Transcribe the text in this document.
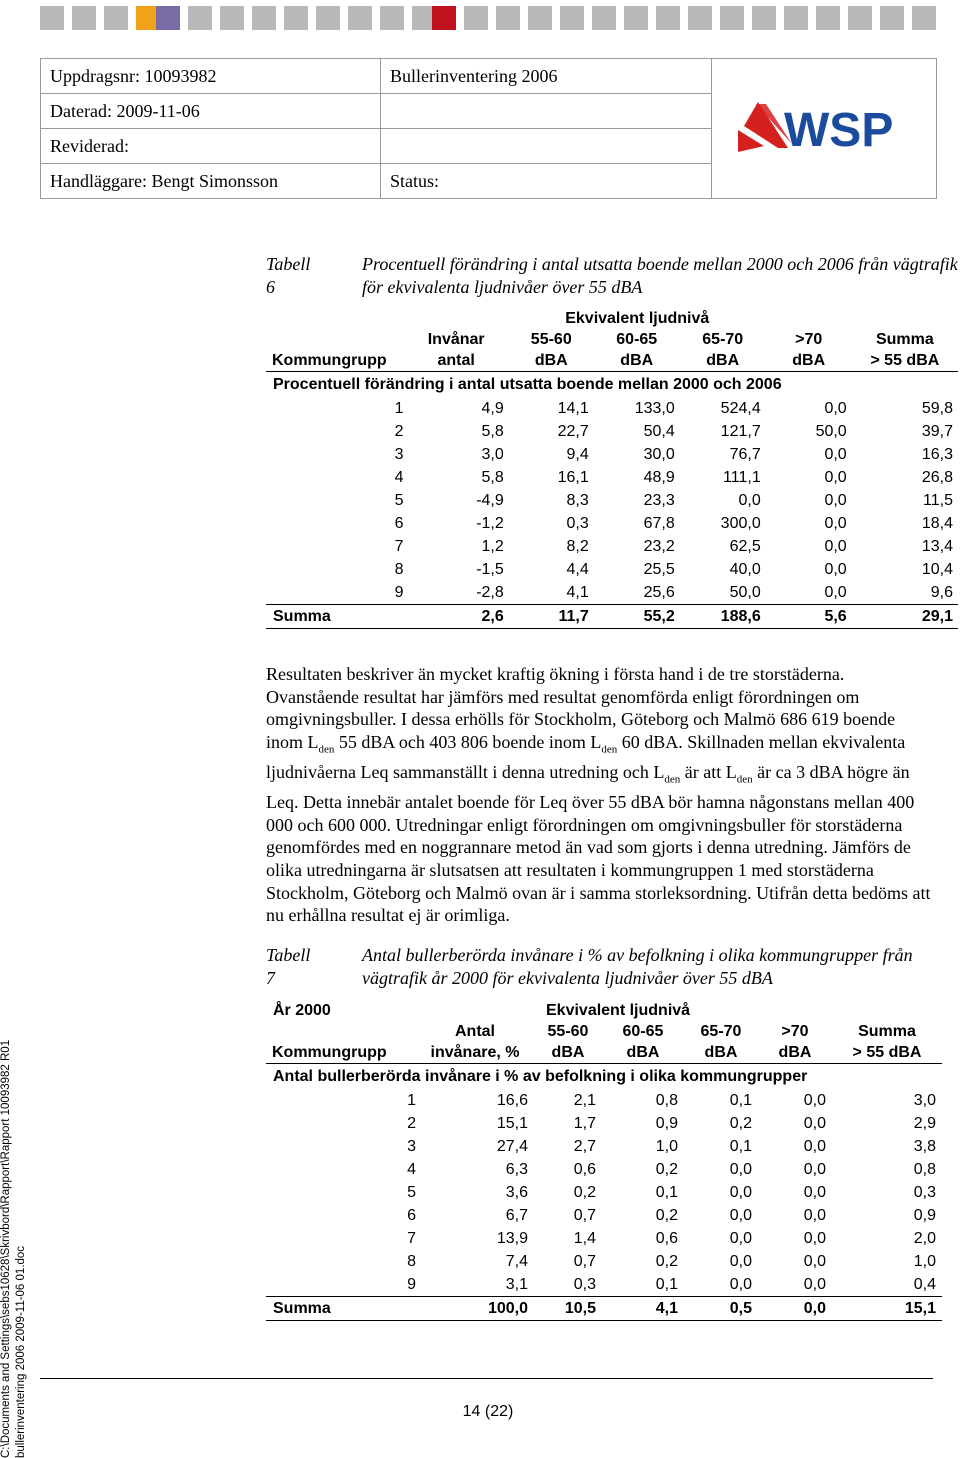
Uppdragsnr: 10093982	Bullerinventering 2006	WSP

Daterad: 2009-11-06		
Reviderad:		
Handläggare: Bengt Simonsson	Status:	
Tabell 6
Procentuell förändring i antal utsatta boende mellan 2000 och 2006 från vägtrafik för ekvivalenta ljudnivåer över 55 dBA
Procentuell förändring i antal utsatta boende mellan 2000 och 2006						
		Ekvivalent ljudnivå				
	Invånar	55-60	60-65	65-70	>70	Summa
Kommungrupp	antal	dBA	dBA	dBA	dBA	> 55 dBA
1	4,9	14,1	133,0	524,4	0,0	59,8
2	5,8	22,7	50,4	121,7	50,0	39,7
3	3,0	9,4	30,0	76,7	0,0	16,3
4	5,8	16,1	48,9	111,1	0,0	26,8
5	-4,9	8,3	23,3	0,0	0,0	11,5
6	-1,2	0,3	67,8	300,0	0,0	18,4
7	1,2	8,2	23,2	62,5	0,0	13,4
8	-1,5	4,4	25,5	40,0	0,0	10,4
9	-2,8	4,1	25,6	50,0	0,0	9,6
Summa	2,6	11,7	55,2	188,6	5,6	29,1
Resultaten beskriver än mycket kraftig ökning i första hand i de tre storstäderna. Ovanstående resultat har jämförs med resultat genomförda enligt förordningen om omgivningsbuller. I dessa erhölls för Stockholm, Göteborg och Malmö 686 619 boende inom $L_{den}$ 55 dBA och 403 806 boende inom $L_{den}$ 60 dBA. Skillnaden mellan ekvivalenta ljudnivåerna Leq sammanställt i denna utredning och $L_{den}$ är att $L_{den}$ är ca 3 dBA högre än Leq. Detta innebär antalet boende för Leq över 55 dBA bör hamna någonstans mellan 400 000 och 600 000. Utredningar enligt förordningen om omgivningsbuller för storstäderna genomfördes med en noggrannare metod än vad som gjorts i denna utredning. Jämförs de olika utredningarna är slutsatsen att resultaten i kommungruppen 1 med storstäderna Stockholm, Göteborg och Malmö ovan är i samma storleksordning. Utifrån detta bedöms att nu erhållna resultat ej är orimliga.
Tabell 7
Antal bullerberörda invånare i % av befolkning i olika kommungrupper från vägtrafik år 2000 för ekvivalenta ljudnivåer över 55 dBA
Antal bullerberörda invånare i % av befolkning i olika kommungrupper						
År 2000		Ekvivalent ljudnivå				
	Antal	55-60	60-65	65-70	>70	Summa
Kommungrupp	invånare, %	dBA	dBA	dBA	dBA	> 55 dBA
1	16,6	2,1	0,8	0,1	0,0	3,0
2	15,1	1,7	0,9	0,2	0,0	2,9
3	27,4	2,7	1,0	0,1	0,0	3,8
4	6,3	0,6	0,2	0,0	0,0	0,8
5	3,6	0,2	0,1	0,0	0,0	0,3
6	6,7	0,7	0,2	0,0	0,0	0,9
7	13,9	1,4	0,6	0,0	0,0	2,0
8	7,4	0,7	0,2	0,0	0,0	1,0
9	3,1	0,3	0,1	0,0	0,0	0,4
Summa	100,0	10,5	4,1	0,5	0,0	15,1
C:\Documents and Settings\sebs10628\Skrivbord\Rapport\Rapport 10093982 R01 bullerinventering 2006 2009-11-06 01.doc	14 (22)
